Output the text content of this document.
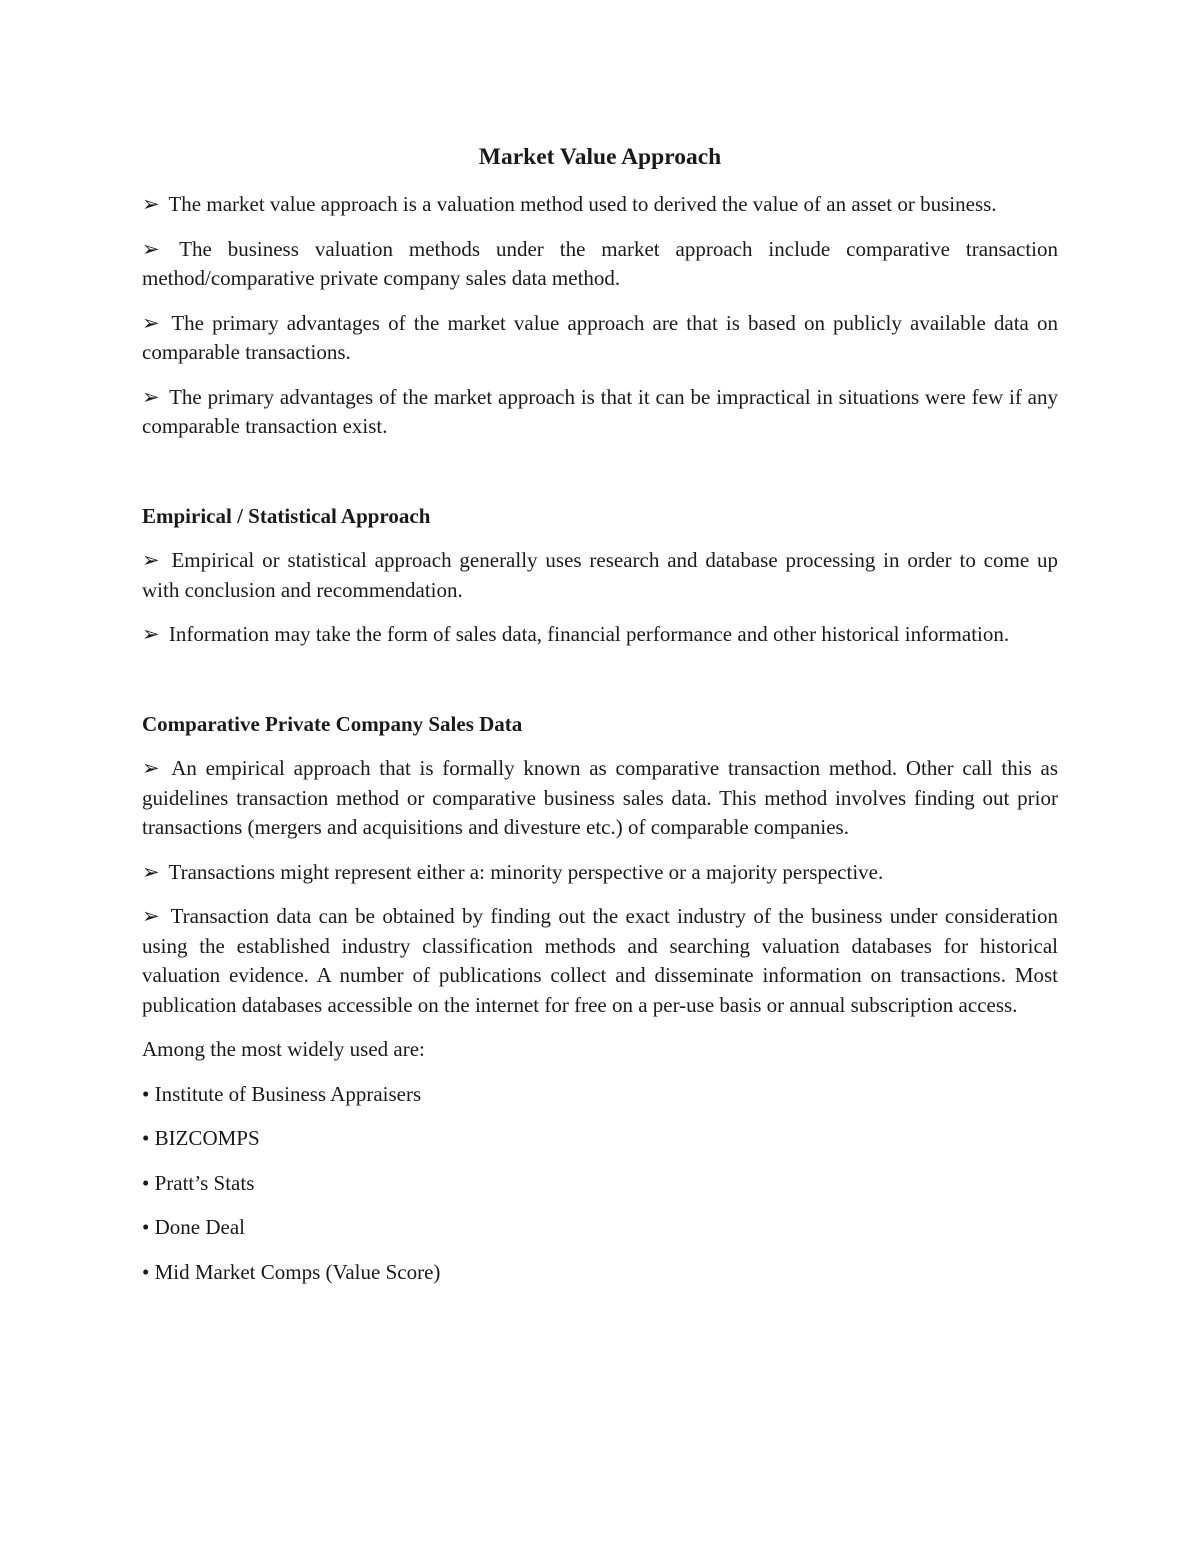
Market Value Approach

➢ The market value approach is a valuation method used to derived the value of an asset or business.

➢ The business valuation methods under the market approach include comparative transaction method/comparative private company sales data method.

➢ The primary advantages of the market value approach are that is based on publicly available data on comparable transactions.

➢ The primary advantages of the market approach is that it can be impractical in situations were few if any comparable transaction exist.

Empirical / Statistical Approach

➢ Empirical or statistical approach generally uses research and database processing in order to come up with conclusion and recommendation.

➢ Information may take the form of sales data, financial performance and other historical information.

Comparative Private Company Sales Data

➢ An empirical approach that is formally known as comparative transaction method. Other call this as guidelines transaction method or comparative business sales data. This method involves finding out prior transactions (mergers and acquisitions and divesture etc.) of comparable companies.

➢ Transactions might represent either a: minority perspective or a majority perspective.

➢ Transaction data can be obtained by finding out the exact industry of the business under consideration using the established industry classification methods and searching valuation databases for historical valuation evidence. A number of publications collect and disseminate information on transactions. Most publication databases accessible on the internet for free on a per-use basis or annual subscription access.

Among the most widely used are:

• Institute of Business Appraisers

• BIZCOMPS

• Pratt’s Stats

• Done Deal

• Mid Market Comps (Value Score)
